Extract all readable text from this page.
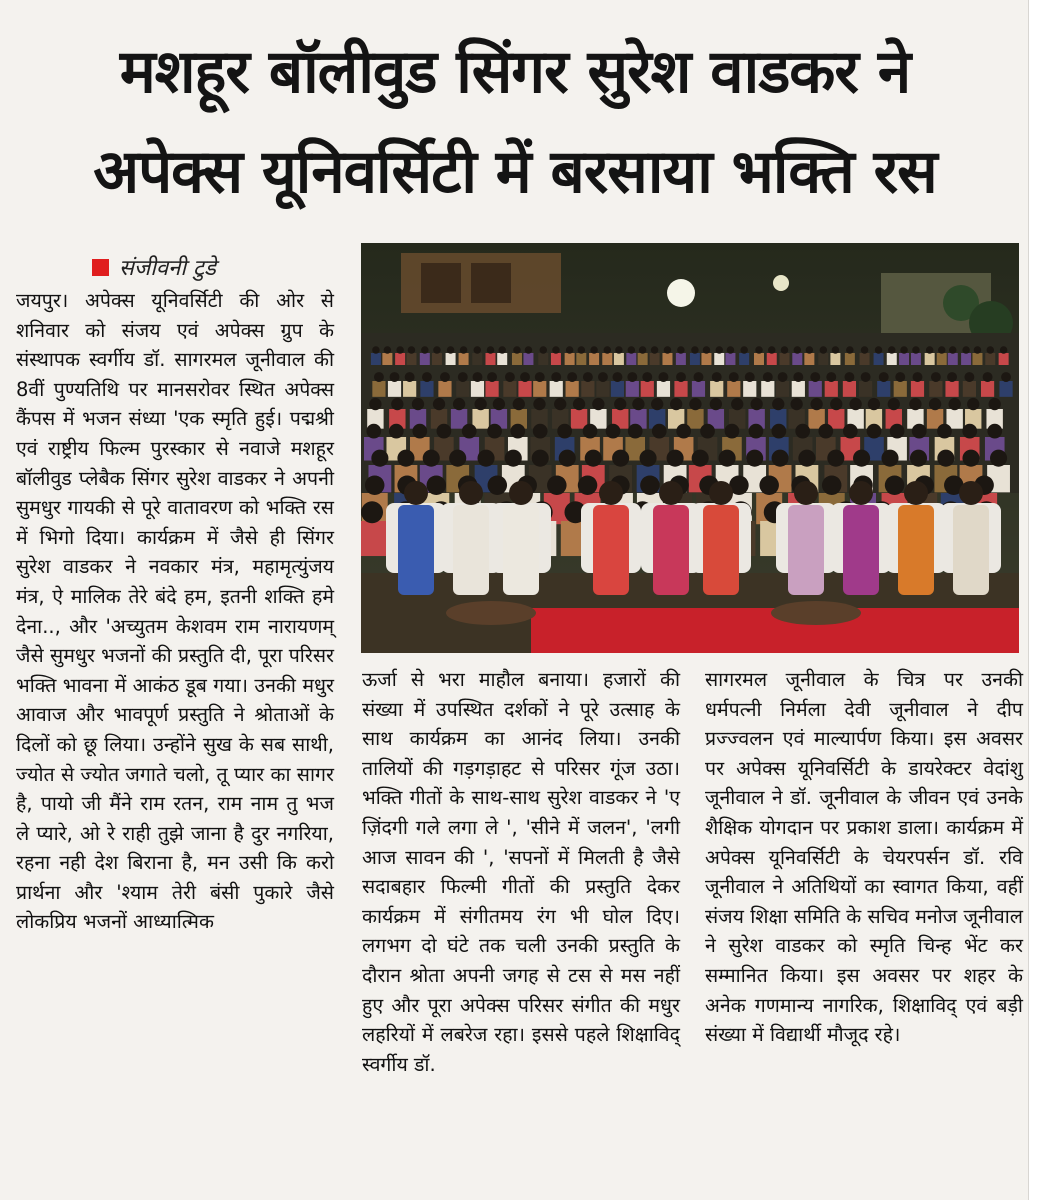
मशहूर बॉलीवुड सिंगर सुरेश वाडकर ने
अपेक्स यूनिवर्सिटी में बरसाया भक्ति रस
संजीवनी टुडे

जयपुर। अपेक्स यूनिवर्सिटी की ओर से शनिवार को संजय एवं अपेक्स ग्रुप के संस्थापक स्वर्गीय डॉ. सागरमल जूनीवाल की 8वीं पुण्यतिथि पर मानसरोवर स्थित अपेक्स कैंपस में भजन संध्या 'एक स्मृति हुई। पद्मश्री एवं राष्ट्रीय फिल्म पुरस्कार से नवाजे मशहूर बॉलीवुड प्लेबैक सिंगर सुरेश वाडकर ने अपनी सुमधुर गायकी से पूरे वातावरण को भक्ति रस में भिगो दिया। कार्यक्रम में जैसे ही सिंगर सुरेश वाडकर ने नवकार मंत्र, महामृत्युंजय मंत्र, ऐ मालिक तेरे बंदे हम, इतनी शक्ति हमे देना.., और 'अच्युतम केशवम राम नारायणम् जैसे सुमधुर भजनों की प्रस्तुति दी, पूरा परिसर भक्ति भावना में आकंठ डूब गया। उनकी मधुर आवाज और भावपूर्ण प्रस्तुति ने श्रोताओं के दिलों को छू लिया। उन्होंने सुख के सब साथी, ज्योत से ज्योत जगाते चलो, तू प्यार का सागर है, पायो जी मैंने राम रतन, राम नाम तु भज ले प्यारे, ओ रे राही तुझे जाना है दुर नगरिया, रहना नही देश बिराना है, मन उसी कि करो प्रार्थना और 'श्याम तेरी बंसी पुकारे जैसे लोकप्रिय भजनों आध्यात्मिक

ऊर्जा से भरा माहौल बनाया। हजारों की संख्या में उपस्थित दर्शकों ने पूरे उत्साह के साथ कार्यक्रम का आनंद लिया। उनकी तालियों की गड़गड़ाहट से परिसर गूंज उठा। भक्ति गीतों के साथ-साथ सुरेश वाडकर ने 'ए ज़िंदगी गले लगा ले ', 'सीने में जलन', 'लगी आज सावन की ', 'सपनों में मिलती है जैसे सदाबहार फिल्मी गीतों की प्रस्तुति देकर कार्यक्रम में संगीतमय रंग भी घोल दिए। लगभग दो घंटे तक चली उनकी प्रस्तुति के दौरान श्रोता अपनी जगह से टस से मस नहीं हुए और पूरा अपेक्स परिसर संगीत की मधुर लहरियों में लबरेज रहा। इससे पहले शिक्षाविद् स्वर्गीय डॉ.

सागरमल जूनीवाल के चित्र पर उनकी धर्मपत्नी निर्मला देवी जूनीवाल ने दीप प्रज्ज्वलन एवं माल्यार्पण किया। इस अवसर पर अपेक्स यूनिवर्सिटी के डायरेक्टर वेदांशु जूनीवाल ने डॉ. जूनीवाल के जीवन एवं उनके शैक्षिक योगदान पर प्रकाश डाला। कार्यक्रम में अपेक्स यूनिवर्सिटी के चेयरपर्सन डॉ. रवि जूनीवाल ने अतिथियों का स्वागत किया, वहीं संजय शिक्षा समिति के सचिव मनोज जूनीवाल ने सुरेश वाडकर को स्मृति चिन्ह भेंट कर सम्मानित किया। इस अवसर पर शहर के अनेक गणमान्य नागरिक, शिक्षाविद् एवं बड़ी संख्या में विद्यार्थी मौजूद रहे।
